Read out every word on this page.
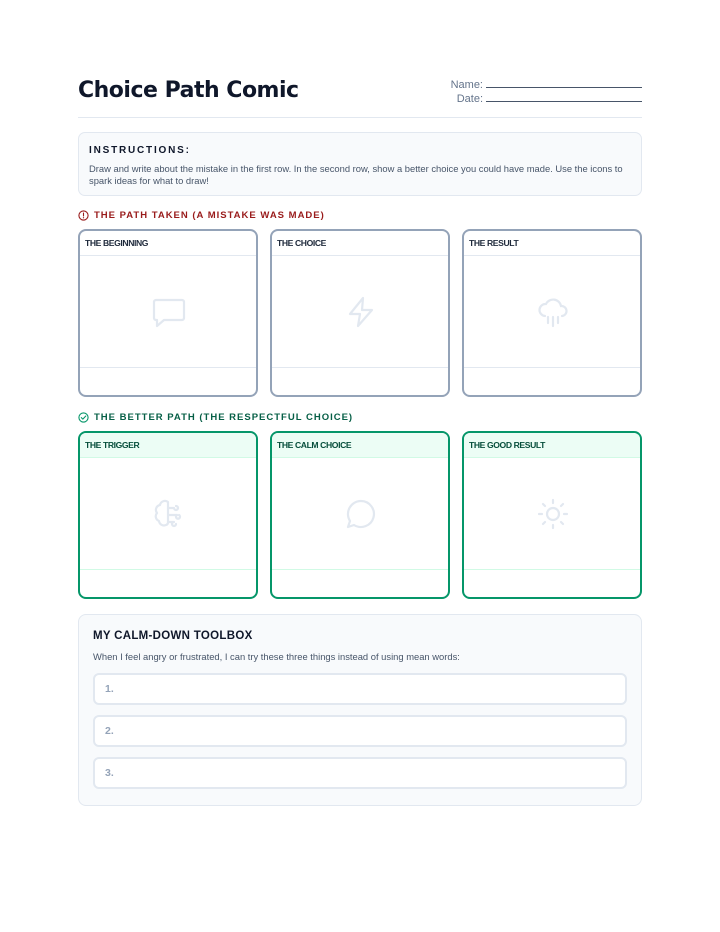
Choice Path Comic	Name:
Date:
INSTRUCTIONS:

Draw and write about the mistake in the first row. In the second row, show a better choice you could have made. Use the icons to spark ideas for what to draw!

THE PATH TAKEN (A MISTAKE WAS MADE)
THE BEGINNING	THE CHOICE	THE RESULT
THE BETTER PATH (THE RESPECTFUL CHOICE)
THE TRIGGER	THE CALM CHOICE	THE GOOD RESULT
MY CALM-DOWN TOOLBOX

When I feel angry or frustrated, I can try these three things instead of using mean words:

1.
2.
3.
